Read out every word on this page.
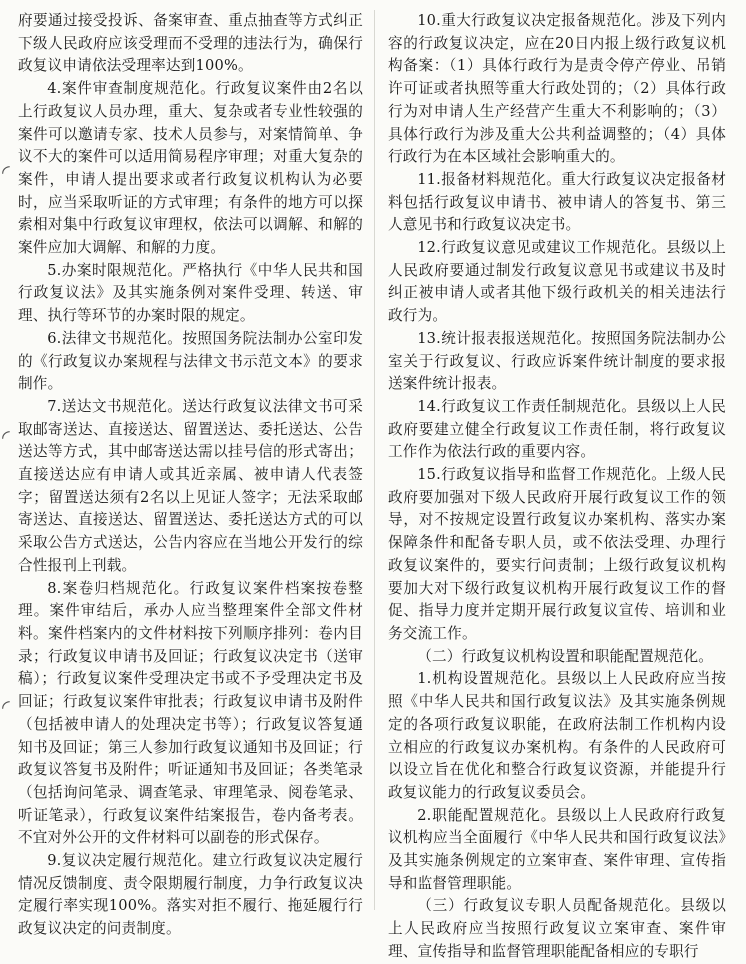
◜
◜
◜

府要通过接受投诉、备案审查、重点抽查等方式纠正下级人民政府应该受理而不受理的违法行为，确保行政复议申请依法受理率达到100%。

4.案件审查制度规范化。行政复议案件由2名以上行政复议人员办理，重大、复杂或者专业性较强的案件可以邀请专家、技术人员参与，对案情简单、争议不大的案件可以适用简易程序审理；对重大复杂的案件，申请人提出要求或者行政复议机构认为必要时，应当采取听证的方式审理；有条件的地方可以探索相对集中行政复议审理权，依法可以调解、和解的案件应加大调解、和解的力度。

5.办案时限规范化。严格执行《中华人民共和国行政复议法》及其实施条例对案件受理、转送、审理、执行等环节的办案时限的规定。

6.法律文书规范化。按照国务院法制办公室印发的《行政复议办案规程与法律文书示范文本》的要求制作。

7.送达文书规范化。送达行政复议法律文书可采取邮寄送达、直接送达、留置送达、委托送达、公告送达等方式，其中邮寄送达需以挂号信的形式寄出；直接送达应有申请人或其近亲属、被申请人代表签字；留置送达须有2名以上见证人签字；无法采取邮寄送达、直接送达、留置送达、委托送达方式的可以采取公告方式送达，公告内容应在当地公开发行的综合性报刊上刊载。

8.案卷归档规范化。行政复议案件档案按卷整理。案件审结后，承办人应当整理案件全部文件材料。案件档案内的文件材料按下列顺序排列：卷内目录；行政复议申请书及回证；行政复议决定书（送审稿）；行政复议案件受理决定书或不予受理决定书及回证；行政复议案件审批表；行政复议申请书及附件（包括被申请人的处理决定书等）；行政复议答复通知书及回证；第三人参加行政复议通知书及回证；行政复议答复书及附件；听证通知书及回证；各类笔录（包括询问笔录、调查笔录、审理笔录、阅卷笔录、听证笔录），行政复议案件结案报告，卷内备考表。不宜对外公开的文件材料可以副卷的形式保存。

9.复议决定履行规范化。建立行政复议决定履行情况反馈制度、责令限期履行制度，力争行政复议决定履行率实现100%。落实对拒不履行、拖延履行行政复议决定的问责制度。

10.重大行政复议决定报备规范化。涉及下列内容的行政复议决定，应在20日内报上级行政复议机构备案：（1）具体行政行为是责令停产停业、吊销许可证或者执照等重大行政处罚的；（2）具体行政行为对申请人生产经营产生重大不利影响的；（3）具体行政行为涉及重大公共利益调整的；（4）具体行政行为在本区域社会影响重大的。

11.报备材料规范化。重大行政复议决定报备材料包括行政复议申请书、被申请人的答复书、第三人意见书和行政复议决定书。

12.行政复议意见或建议工作规范化。县级以上人民政府要通过制发行政复议意见书或建议书及时纠正被申请人或者其他下级行政机关的相关违法行政行为。

13.统计报表报送规范化。按照国务院法制办公室关于行政复议、行政应诉案件统计制度的要求报送案件统计报表。

14.行政复议工作责任制规范化。县级以上人民政府要建立健全行政复议工作责任制，将行政复议工作作为依法行政的重要内容。

15.行政复议指导和监督工作规范化。上级人民政府要加强对下级人民政府开展行政复议工作的领导，对不按规定设置行政复议办案机构、落实办案保障条件和配备专职人员，或不依法受理、办理行政复议案件的，要实行问责制；上级行政复议机构要加大对下级行政复议机构开展行政复议工作的督促、指导力度并定期开展行政复议宣传、培训和业务交流工作。

（二）行政复议机构设置和职能配置规范化。

1.机构设置规范化。县级以上人民政府应当按照《中华人民共和国行政复议法》及其实施条例规定的各项行政复议职能，在政府法制工作机构内设立相应的行政复议办案机构。有条件的人民政府可以设立旨在优化和整合行政复议资源，并能提升行政复议能力的行政复议委员会。

2.职能配置规范化。县级以上人民政府行政复议机构应当全面履行《中华人民共和国行政复议法》及其实施条例规定的立案审查、案件审理、宣传指导和监督管理职能。

（三）行政复议专职人员配备规范化。县级以上人民政府应当按照行政复议立案审查、案件审理、宣传指导和监督管理职能配备相应的专职行
